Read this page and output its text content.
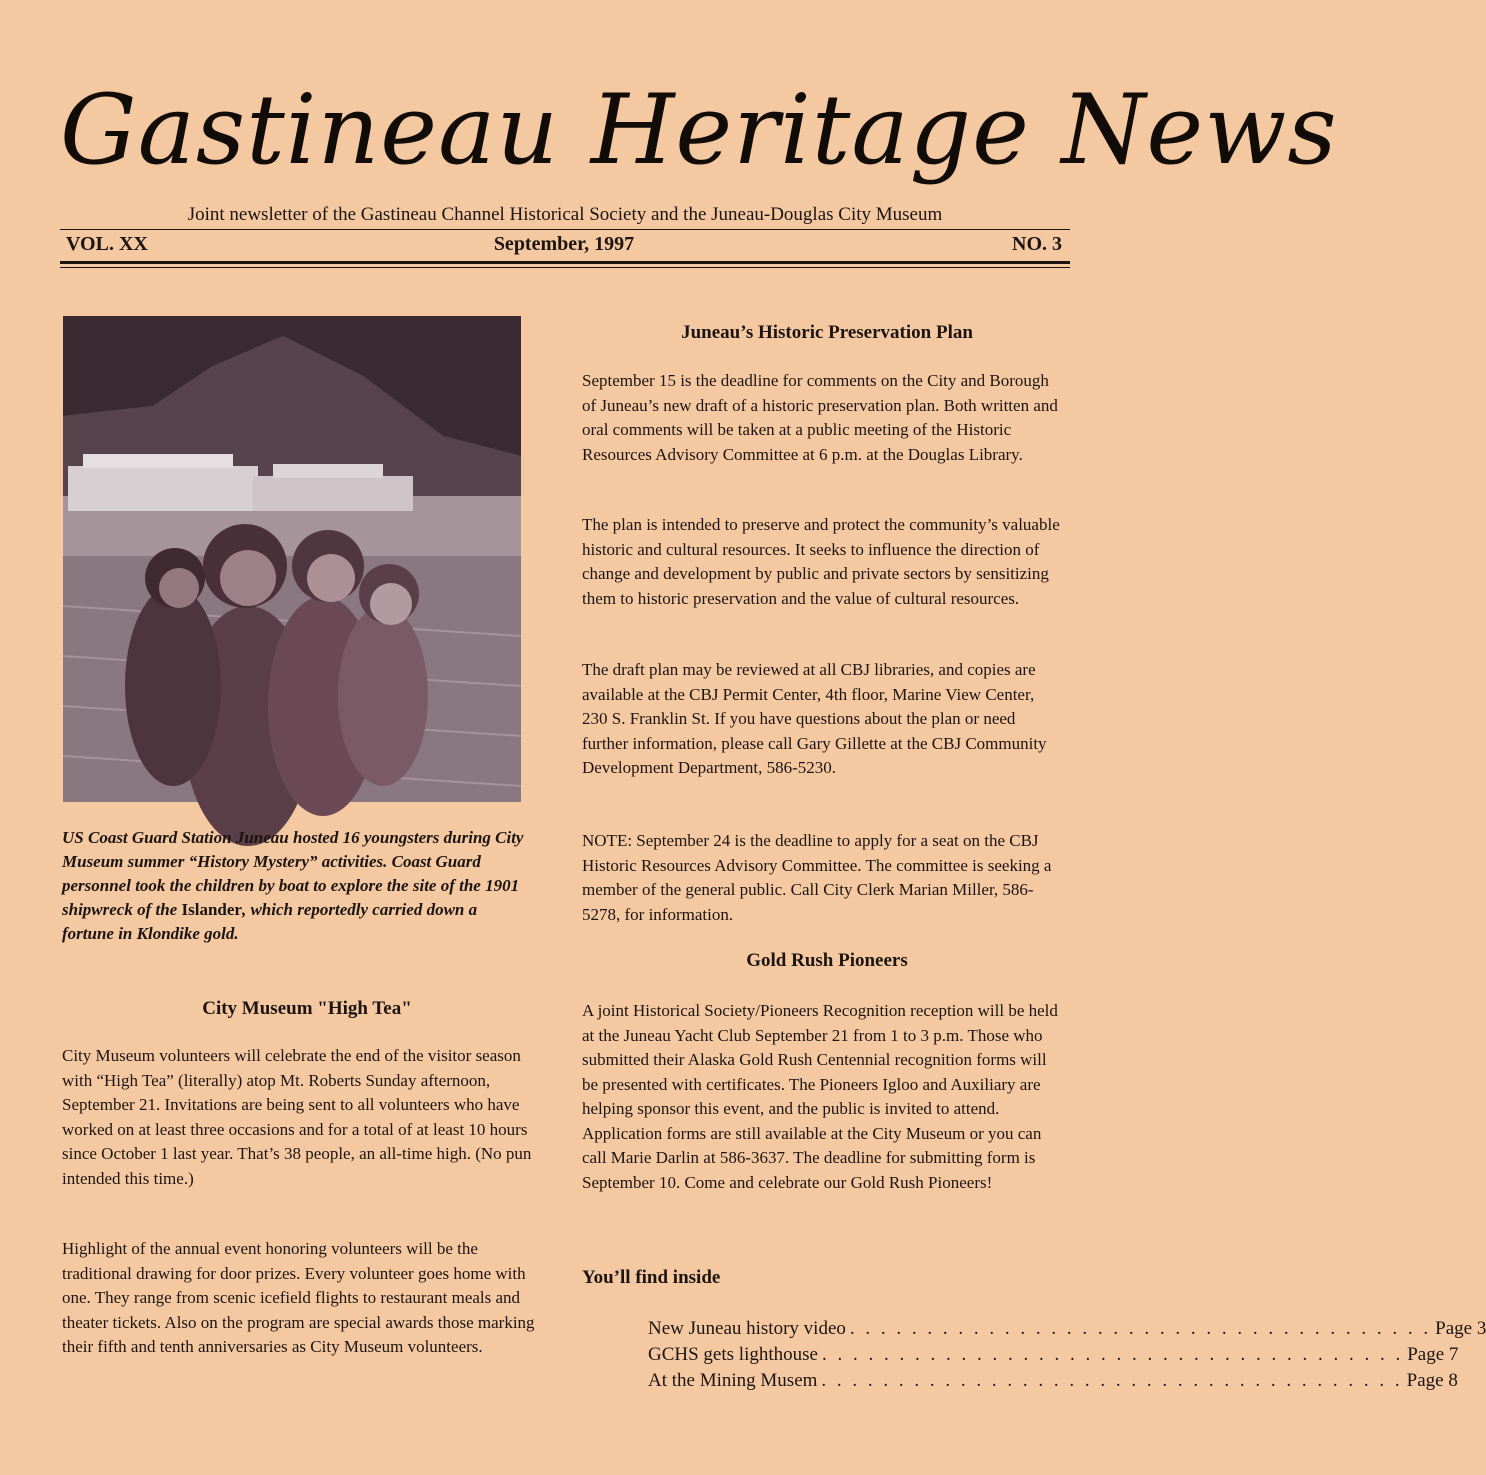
Gastineau Heritage News
Joint newsletter of the Gastineau Channel Historical Society and the Juneau-Douglas City Museum
VOL. XX	September, 1997	NO. 3
US Coast Guard Station Juneau hosted 16 youngsters during City Museum summer “History Mystery” activities. Coast Guard personnel took the children by boat to explore the site of the 1901 shipwreck of the Islander, which reportedly carried down a fortune in Klondike gold.
City Museum "High Tea"

City Museum volunteers will celebrate the end of the visitor season with “High Tea” (literally) atop Mt. Roberts Sunday afternoon, September 21. Invitations are being sent to all volunteers who have worked on at least three occasions and for a total of at least 10 hours since October 1 last year. That’s 38 people, an all-time high. (No pun intended this time.)

Highlight of the annual event honoring volunteers will be the traditional drawing for door prizes. Every volunteer goes home with one. They range from scenic icefield flights to restaurant meals and theater tickets. Also on the program are special awards those marking their fifth and tenth anniversaries as City Museum volunteers.

Juneau’s Historic Preservation Plan

September 15 is the deadline for comments on the City and Borough of Juneau’s new draft of a historic preservation plan. Both written and oral comments will be taken at a public meeting of the Historic Resources Advisory Committee at 6 p.m. at the Douglas Library.

The plan is intended to preserve and protect the community’s valuable historic and cultural resources. It seeks to influence the direction of change and development by public and private sectors by sensitizing them to historic preservation and the value of cultural resources.

The draft plan may be reviewed at all CBJ libraries, and copies are available at the CBJ Permit Center, 4th floor, Marine View Center, 230 S. Franklin St. If you have questions about the plan or need further information, please call Gary Gillette at the CBJ Community Development Department, 586-5230.

NOTE: September 24 is the deadline to apply for a seat on the CBJ Historic Resources Advisory Committee. The committee is seeking a member of the general public. Call City Clerk Marian Miller, 586-5278, for information.

Gold Rush Pioneers

A joint Historical Society/Pioneers Recognition reception will be held at the Juneau Yacht Club September 21 from 1 to 3 p.m. Those who submitted their Alaska Gold Rush Centennial recognition forms will be presented with certificates. The Pioneers Igloo and Auxiliary are helping sponsor this event, and the public is invited to attend. Application forms are still available at the City Museum or you can call Marie Darlin at 586-3637. The deadline for submitting form is September 10. Come and celebrate our Gold Rush Pioneers!

You’ll find inside
New Juneau history video . . .	Page 3
GCHS gets lighthouse . . .	Page 7
At the Mining Musem . . .	Page 8
